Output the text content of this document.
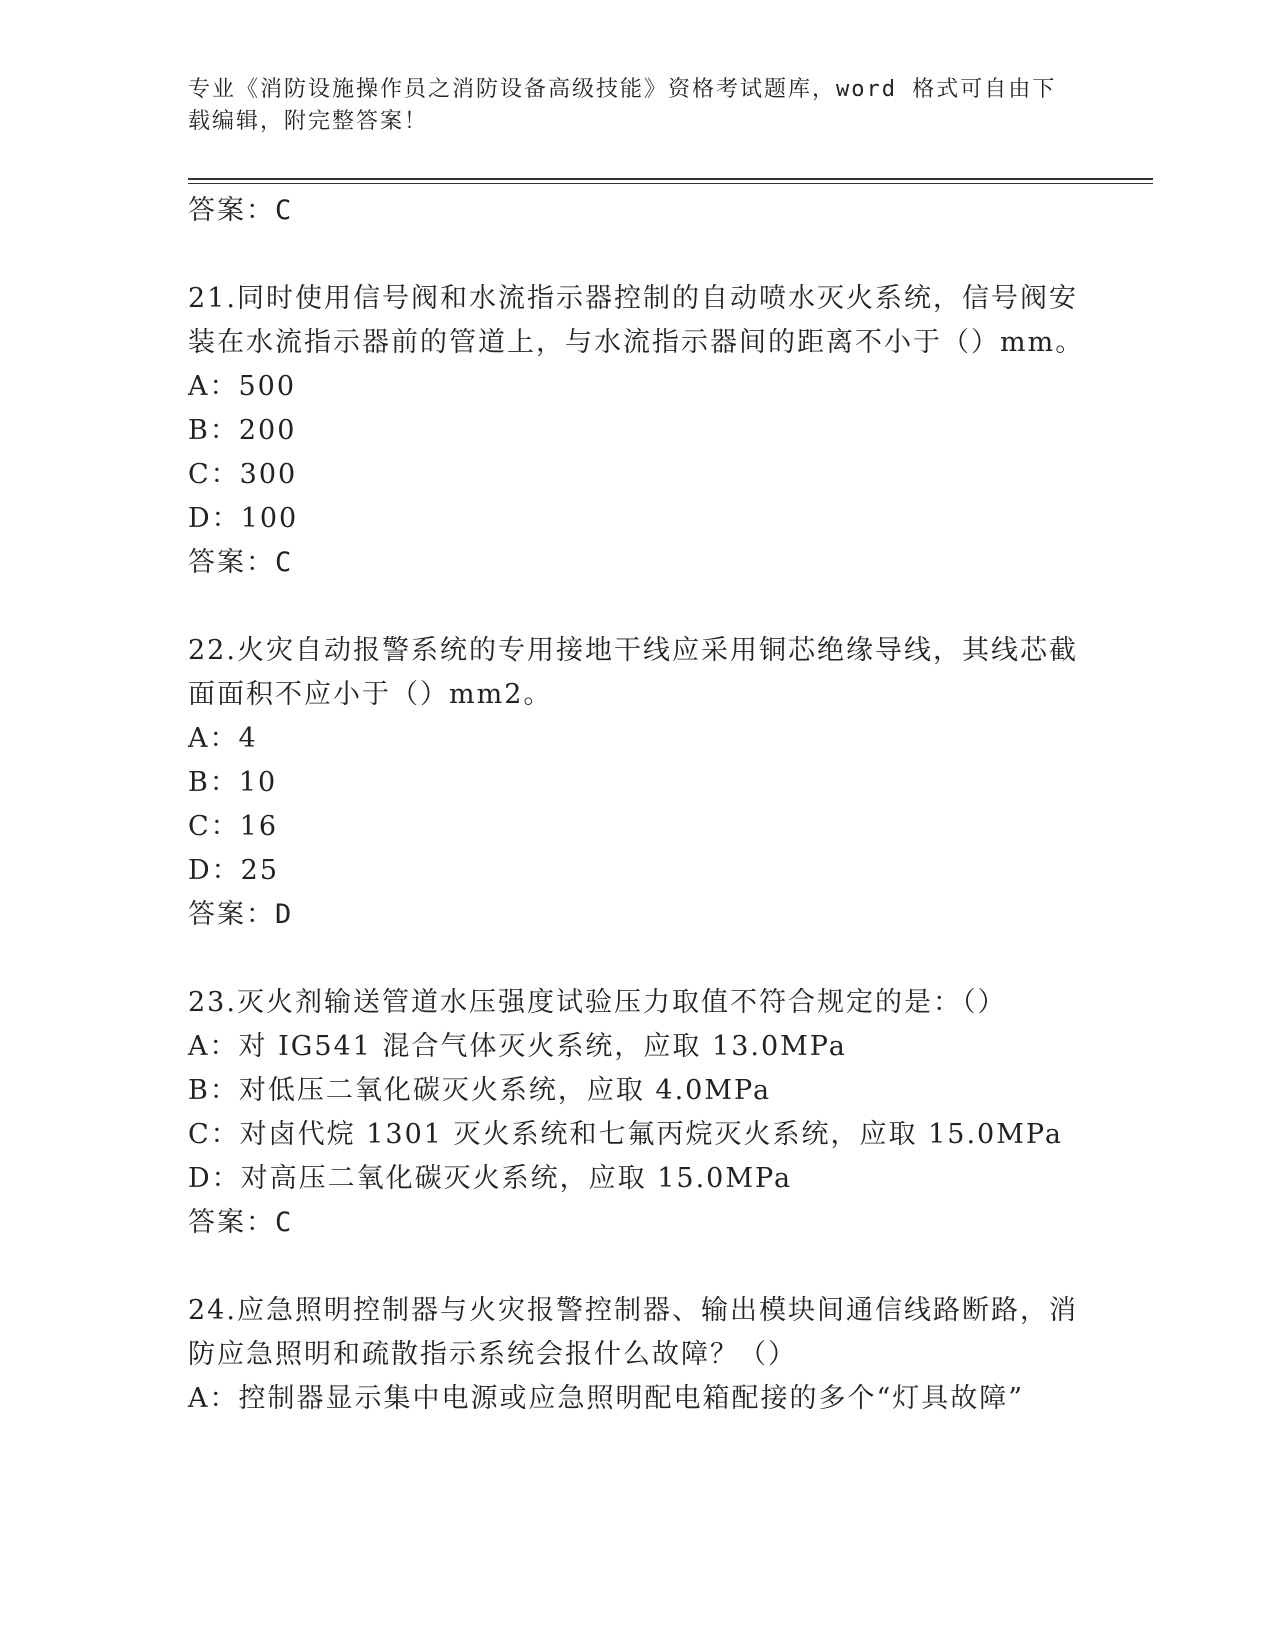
专业《消防设施操作员之消防设备高级技能》资格考试题库，word 格式可自由下
载编辑，附完整答案！
答案：C
21.同时使用信号阀和水流指示器控制的自动喷水灭火系统，信号阀安
装在水流指示器前的管道上，与水流指示器间的距离不小于（）mm。
A：500
B：200
C：300
D：100
答案：C
22.火灾自动报警系统的专用接地干线应采用铜芯绝缘导线，其线芯截
面面积不应小于（）mm2。
A：4
B：10
C：16
D：25
答案：D
23.灭火剂输送管道水压强度试验压力取值不符合规定的是：（）
A：对 IG541 混合气体灭火系统，应取 13.0MPa
B：对低压二氧化碳灭火系统，应取 4.0MPa
C：对卤代烷 1301 灭火系统和七氟丙烷灭火系统，应取 15.0MPa
D：对高压二氧化碳灭火系统，应取 15.0MPa
答案：C
24.应急照明控制器与火灾报警控制器、输出模块间通信线路断路，消
防应急照明和疏散指示系统会报什么故障？（）
A：控制器显示集中电源或应急照明配电箱配接的多个“灯具故障”
